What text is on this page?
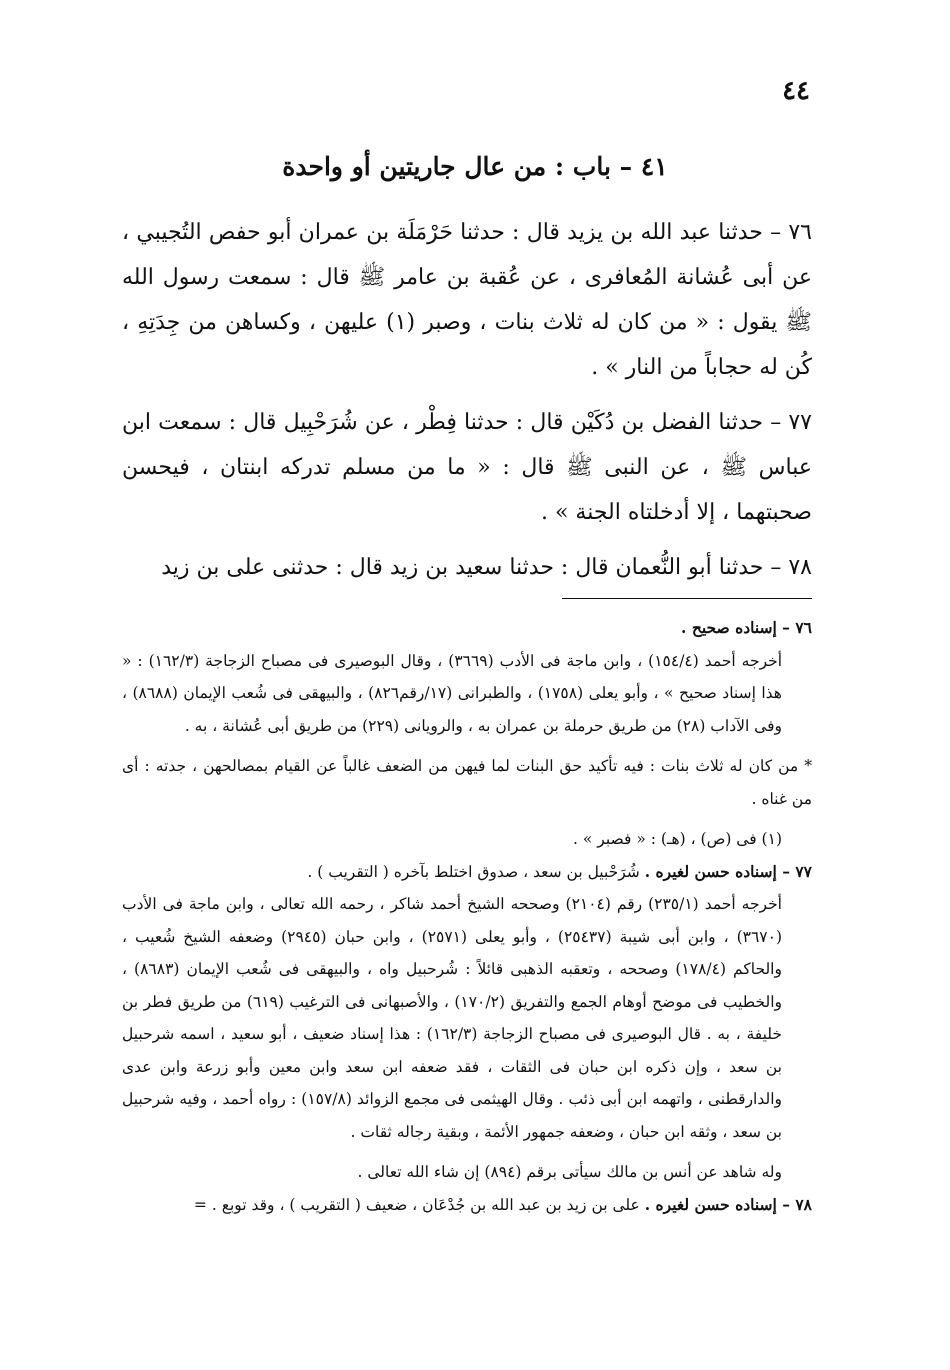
٤٤
٤١ – باب : من عال جاريتين أو واحدة

٧٦ – حدثنا عبد الله بن يزيد قال : حدثنا حَرْمَلَة بن عمران أبو حفص التُجيبي ، عن أبى عُشانة المُعافرى ، عن عُقبة بن عامر ﷺ قال : سمعت رسول الله ﷺ يقول : « من كان له ثلاث بنات ، وصبر (١) عليهن ، وكساهن من جِدَتِهِ ، كُن له حجاباً من النار » .

٧٧ – حدثنا الفضل بن دُكَيْن قال : حدثنا فِطْر ، عن شُرَحْبِيل قال : سمعت ابن عباس ﷺ ، عن النبى ﷺ قال : « ما من مسلم تدركه ابنتان ، فيحسن صحبتهما ، إلا أدخلتاه الجنة » .

٧٨ – حدثنا أبو النُّعمان قال : حدثنا سعيد بن زيد قال : حدثنى على بن زيد

٧٦ – إسناده صحيح .

أخرجه أحمد (١٥٤/٤) ، وابن ماجة فى الأدب (٣٦٦٩) ، وقال البوصيرى فى مصباح الزجاجة (١٦٢/٣) : « هذا إسناد صحيح » ، وأبو يعلى (١٧٥٨) ، والطبرانى (١٧/رقم٨٢٦) ، والبيهقى فى شُعب الإيمان (٨٦٨٨) ، وفى الآداب (٢٨) من طريق حرملة بن عمران به ، والرويانى (٢٢٩) من طريق أبى عُشانة ، به .

* من كان له ثلاث بنات : فيه تأكيد حق البنات لما فيهن من الضعف غالباً عن القيام بمصالحهن ، جدته : أى من غناه .

(١) فى (ص) ، (هـ) : « فصبر » .

٧٧ – إسناده حسن لغيره . شُرَحْبيل بن سعد ، صدوق اختلط بآخره ( التقريب ) .

أخرجه أحمد (٢٣٥/١) رقم (٢١٠٤) وصححه الشيخ أحمد شاكر ، رحمه الله تعالى ، وابن ماجة فى الأدب (٣٦٧٠) ، وابن أبى شيبة (٢٥٤٣٧) ، وأبو يعلى (٢٥٧١) ، وابن حبان (٢٩٤٥) وضعفه الشيخ شُعيب ، والحاكم (١٧٨/٤) وصححه ، وتعقبه الذهبى قائلاً : شُرحبيل واه ، والبيهقى فى شُعب الإيمان (٨٦٨٣) ، والخطيب فى موضح أوهام الجمع والتفريق (١٧٠/٢) ، والأصبهانى فى الترغيب (٦١٩) من طريق فطر بن خليفة ، به . قال البوصيرى فى مصباح الزجاجة (١٦٢/٣) : هذا إسناد ضعيف ، أبو سعيد ، اسمه شرحبيل بن سعد ، وإن ذكره ابن حبان فى الثقات ، فقد ضعفه ابن سعد وابن معين وأبو زرعة وابن عدى والدارقطنى ، واتهمه ابن أبى ذئب . وقال الهيثمى فى مجمع الزوائد (١٥٧/٨) : رواه أحمد ، وفيه شرحبيل بن سعد ، وثقه ابن حبان ، وضعفه جمهور الأئمة ، وبقية رجاله ثقات .

وله شاهد عن أنس بن مالك سيأتى برقم (٨٩٤) إن شاء الله تعالى .

٧٨ – إسناده حسن لغيره . على بن زيد بن عبد الله بن جُدْعَان ، ضعيف ( التقريب ) ، وقد توبع . =
